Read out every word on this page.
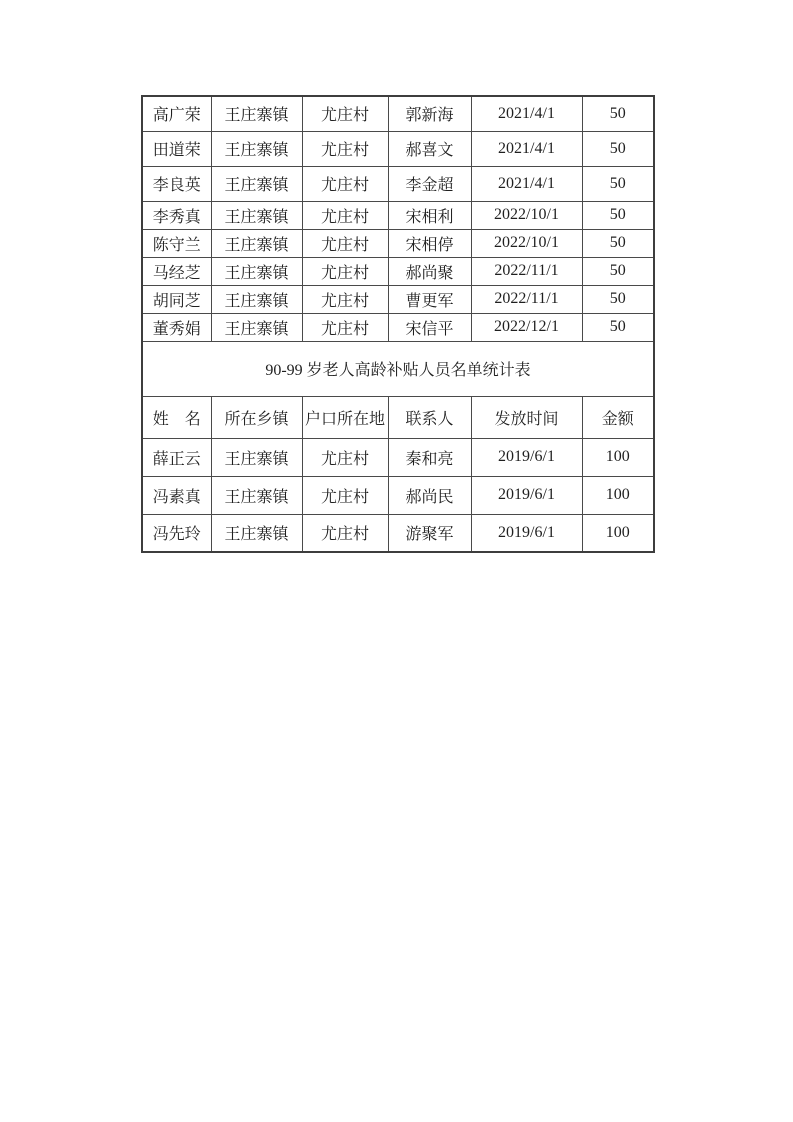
高广荣	王庄寨镇	尤庄村	郭新海	2021/4/1	50
田道荣	王庄寨镇	尤庄村	郝喜文	2021/4/1	50
李良英	王庄寨镇	尤庄村	李金超	2021/4/1	50
李秀真	王庄寨镇	尤庄村	宋相利	2022/10/1	50
陈守兰	王庄寨镇	尤庄村	宋相停	2022/10/1	50
马经芝	王庄寨镇	尤庄村	郝尚聚	2022/11/1	50
胡同芝	王庄寨镇	尤庄村	曹更军	2022/11/1	50
董秀娟	王庄寨镇	尤庄村	宋信平	2022/12/1	50
90-99 岁老人高龄补贴人员名单统计表					
姓　名	所在乡镇	户口所在地	联系人	发放时间	金额
薛正云	王庄寨镇	尤庄村	秦和亮	2019/6/1	100
冯素真	王庄寨镇	尤庄村	郝尚民	2019/6/1	100
冯先玲	王庄寨镇	尤庄村	游聚军	2019/6/1	100
